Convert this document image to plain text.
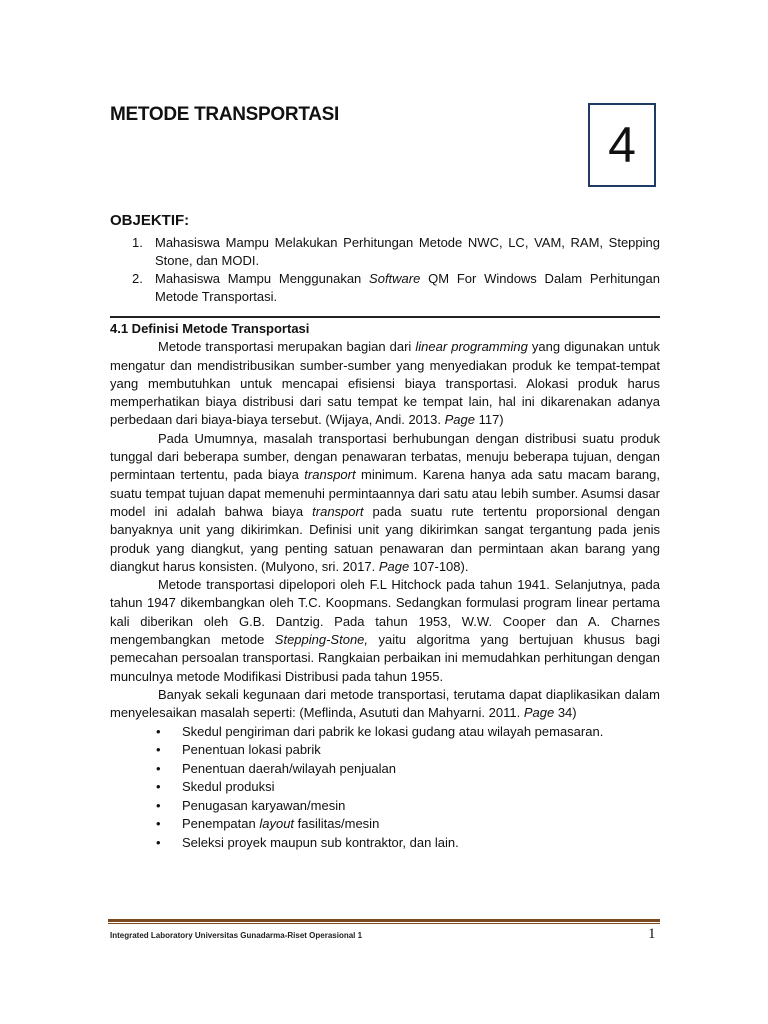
METODE TRANSPORTASI
4
OBJEKTIF:
1. Mahasiswa Mampu Melakukan Perhitungan Metode NWC, LC, VAM, RAM, Stepping Stone, dan MODI.
2. Mahasiswa Mampu Menggunakan Software QM For Windows Dalam Perhitungan Metode Transportasi.
4.1 Definisi Metode Transportasi

Metode transportasi merupakan bagian dari linear programming yang digunakan untuk mengatur dan mendistribusikan sumber-sumber yang menyediakan produk ke tempat-tempat yang membutuhkan untuk mencapai efisiensi biaya transportasi. Alokasi produk harus memperhatikan biaya distribusi dari satu tempat ke tempat lain, hal ini dikarenakan adanya perbedaan dari biaya-biaya tersebut. (Wijaya, Andi. 2013. Page 117)

Pada Umumnya, masalah transportasi berhubungan dengan distribusi suatu produk tunggal dari beberapa sumber, dengan penawaran terbatas, menuju beberapa tujuan, dengan permintaan tertentu, pada biaya transport minimum. Karena hanya ada satu macam barang, suatu tempat tujuan dapat memenuhi permintaannya dari satu atau lebih sumber. Asumsi dasar model ini adalah bahwa biaya transport pada suatu rute tertentu proporsional dengan banyaknya unit yang dikirimkan. Definisi unit yang dikirimkan sangat tergantung pada jenis produk yang diangkut, yang penting satuan penawaran dan permintaan akan barang yang diangkut harus konsisten. (Mulyono, sri. 2017. Page 107-108).

Metode transportasi dipelopori oleh F.L Hitchock pada tahun 1941. Selanjutnya, pada tahun 1947 dikembangkan oleh T.C. Koopmans. Sedangkan formulasi program linear pertama kali diberikan oleh G.B. Dantzig. Pada tahun 1953, W.W. Cooper dan A. Charnes mengembangkan metode Stepping-Stone, yaitu algoritma yang bertujuan khusus bagi pemecahan persoalan transportasi. Rangkaian perbaikan ini memudahkan perhitungan dengan munculnya metode Modifikasi Distribusi pada tahun 1955.

Banyak sekali kegunaan dari metode transportasi, terutama dapat diaplikasikan dalam menyelesaikan masalah seperti: (Meflinda, Asututi dan Mahyarni. 2011. Page 34)

• Skedul pengiriman dari pabrik ke lokasi gudang atau wilayah pemasaran.
• Penentuan lokasi pabrik
• Penentuan daerah/wilayah penjualan
• Skedul produksi
• Penugasan karyawan/mesin
• Penempatan layout fasilitas/mesin
• Seleksi proyek maupun sub kontraktor, dan lain.
Integrated Laboratory Universitas Gunadarma-Riset Operasional 1	1
